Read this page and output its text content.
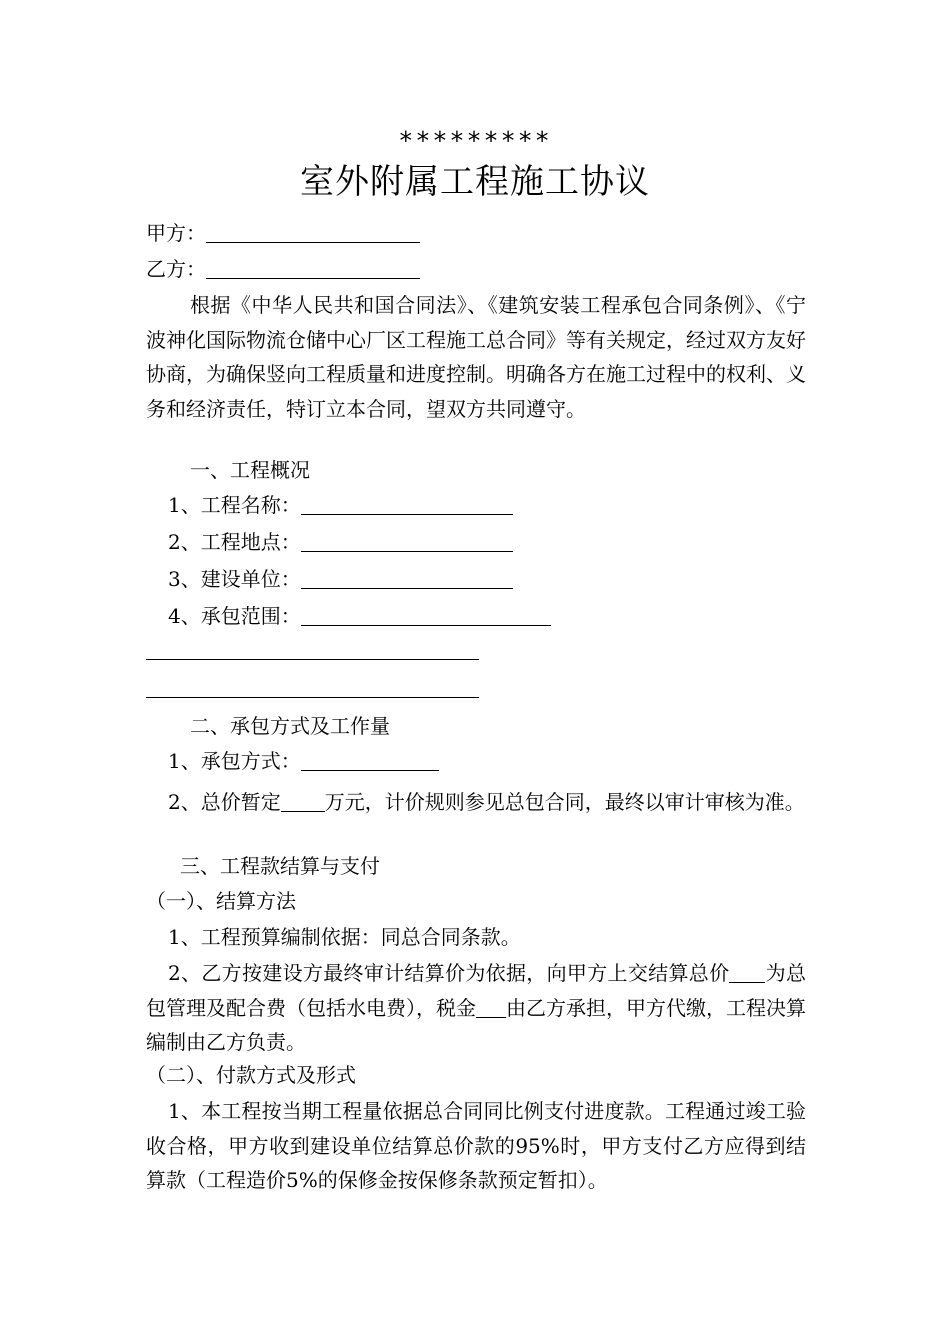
*********
室外附属工程施工协议
甲方：
乙方：
根据《中华人民共和国合同法》、《建筑安装工程承包合同条例》、《宁波神化国际物流仓储中心厂区工程施工总合同》等有关规定，经过双方友好协商，为确保竖向工程质量和进度控制。明确各方在施工过程中的权利、义务和经济责任，特订立本合同，望双方共同遵守。
一、工程概况
1、工程名称：
2、工程地点：
3、建设单位：
4、承包范围：
二、承包方式及工作量
1、承包方式：
2、总价暂定 万元，计价规则参见总包合同，最终以审计审核为准。
三、工程款结算与支付
（一）、结算方法
1、工程预算编制依据：同总合同条款。
2、乙方按建设方最终审计结算价为依据，向甲方上交结算总价 为总包管理及配合费（包括水电费），税金 由乙方承担，甲方代缴，工程决算编制由乙方负责。
（二）、付款方式及形式
1、本工程按当期工程量依据总合同同比例支付进度款。工程通过竣工验收合格，甲方收到建设单位结算总价款的95%时，甲方支付乙方应得到结算款（工程造价5%的保修金按保修条款预定暂扣）。
